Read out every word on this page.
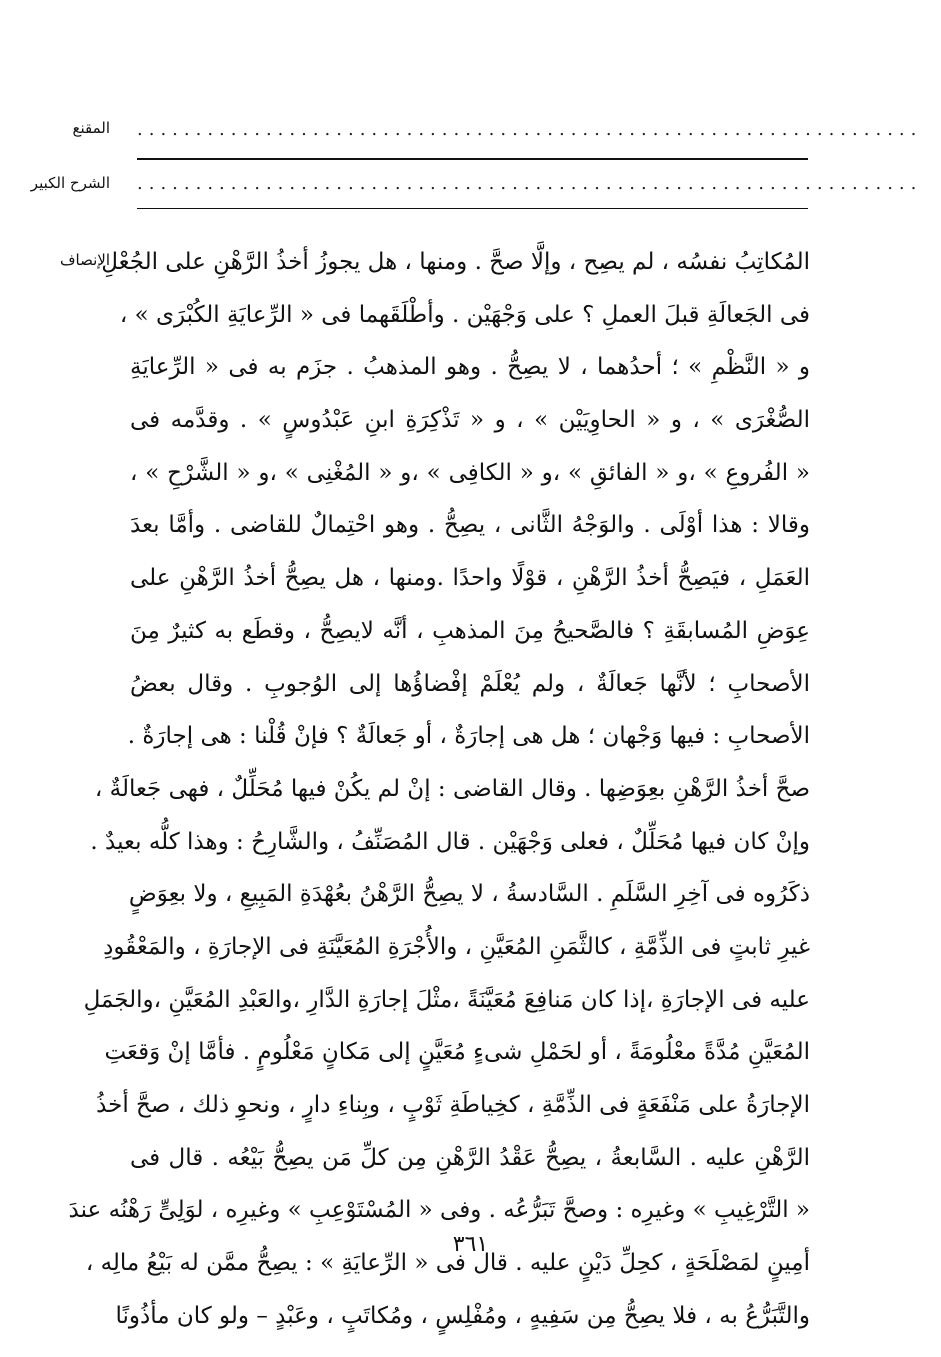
المقنع ...................................................................
الشرح الكبير ...................................................................
الإنصاف
المُكاتِبُ نفسُه ، لم يصِح ، وإلَّا صحَّ . ومنها ، هل يجوزُ أخذُ الرَّهْنِ على الجُعْلِ
فى الجَعالَةِ قبلَ العملِ ؟ على وَجْهَيْن . وأطْلَقَهما فى « الرِّعايَةِ الكُبْرَى » ،
و « النَّظْمِ » ؛ أحدُهما ، لا يصِحُّ . وهو المذهبُ . جزَم به فى « الرِّعايَةِ
الصُّغْرَى » ، و « الحاوِيَيْن » ، و « تَذْكِرَةِ ابنِ عَبْدُوسٍ » . وقدَّمه فى
« الفُروعِ » ،و « الفائقِ » ،و « الكافِى » ،و « المُغْنِى » ،و « الشَّرْحِ » ،
وقالا : هذا أوْلَى . والوَجْهُ الثَّانى ، يصِحُّ . وهو احْتِمالٌ للقاضى . وأمَّا بعدَ
العَمَلِ ، فيَصِحُّ أخذُ الرَّهْنِ ، قوْلًا واحدًا .ومنها ، هل يصِحُّ أخذُ الرَّهْنِ على
عِوَضِ المُسابقَةِ ؟ فالصَّحيحُ مِنَ المذهبِ ، أنَّه لايصِحُّ ، وقطَع به كثيرٌ مِنَ
الأصحابِ ؛ لأنَّها جَعالَةٌ ، ولم يُعْلَمْ إفْضاؤُها إلى الوُجوبِ . وقال بعضُ
الأصحابِ : فيها وَجْهان ؛ هل هى إجارَةٌ ، أو جَعالَةٌ ؟ فإنْ قُلْنا : هى إجارَةٌ .
صحَّ أخذُ الرَّهْنِ بعِوَضِها . وقال القاضى : إنْ لم يكُنْ فيها مُحَلِّلٌ ، فهى جَعالَةٌ ،
وإنْ كان فيها مُحَلِّلٌ ، فعلى وَجْهَيْن . قال المُصَنِّفُ ، والشَّارِحُ : وهذا كلُّه بعيدٌ .
ذكَرُوه فى آخِرِ السَّلَمِ . السَّادسةُ ، لا يصِحُّ الرَّهْنُ بعُهْدَةِ المَبِيعِ ، ولا بعِوَضٍ
غيرِ ثابتٍ فى الذِّمَّةِ ، كالثَّمَنِ المُعَيَّنِ ، والأُجْرَةِ المُعَيَّنَةِ فى الإجارَةِ ، والمَعْقُودِ
عليه فى الإجارَةِ ،إذا كان مَنافِعَ مُعَيَّنَةً ،مثْلَ إجارَةِ الدَّارِ ،والعَبْدِ المُعَيَّنِ ،والجَمَلِ
المُعَيَّنِ مُدَّةً معْلُومَةً ، أو لحَمْلِ شىءٍ مُعَيَّنٍ إلى مَكانٍ مَعْلُومٍ . فأمَّا إنْ وَقعَتِ
الإجارَةُ على مَنْفَعَةٍ فى الذِّمَّةِ ، كخِياطَةِ ثَوْبٍ ، وبِناءِ دارٍ ، ونحوِ ذلك ، صحَّ أخذُ
الرَّهْنِ عليه . السَّابعةُ ، يصِحُّ عَقْدُ الرَّهْنِ مِن كلِّ مَن يصِحُّ بَيْعُه . قال فى
« التَّرْغِيبِ » وغيرِه : وصحَّ تَبَرُّعُه . وفى « المُسْتَوْعِبِ » وغيرِه ، لوَلِىٍّ رَهْنُه عندَ
أمِينٍ لمَصْلَحَةٍ ، كحِلِّ دَيْنٍ عليه . قال فى « الرِّعايَةِ » : يصِحُّ ممَّن له بَيْعُ مالِه ،
والتَّبَرُّعُ به ، فلا يصِحُّ مِن سَفِيهٍ ، ومُفْلِسٍ ، ومُكاتَبٍ ، وعَبْدٍ – ولو كان مأذُونًا
٣٦١
